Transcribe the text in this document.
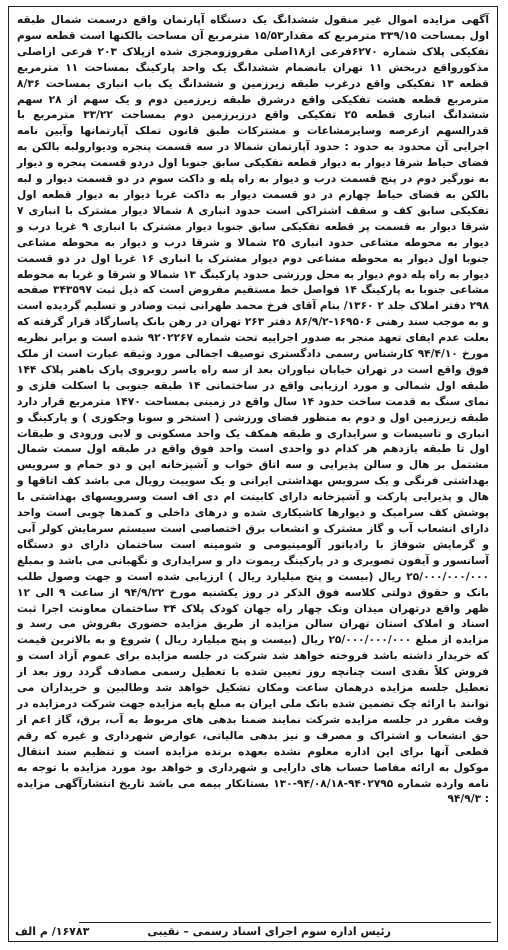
آگهی مزایده اموال غیر منقول ششدانگ یک دستگاه آپارتمان واقع درسمت شمال طبقه اول بمساحت ۳۳۹/۱۵ مترمربع که مقدار۱۵/۵۳ مترمربع آن مساحت بالکنها است قطعه سوم تفکیکی پلاک شماره ۶۲۷۰فرعی از۱۸اصلی مفروزومجزی شده ازپلاک ۲۰۳ فرعی ازاصلی مذکورواقع دربخش ۱۱ تهران بانضمام ششدانگ یک واحد پارکینگ بمساحت ۱۱ مترمربع قطعه ۱۳ تفکیکی واقع درغرب طبقه زیرزمین و ششدانگ یک باب انباری بمساحت ۸/۳۶ مترمربع قطعه هشت تفکیکی واقع درشرق طبقه زیرزمین دوم و یک سهم از ۲۸ سهم ششدانگ انباری قطعه ۲۵ تفکیکی واقع درزیرزمین دوم بمساحت ۳۳/۲۲ مترمربع با قدرالسهم ازعرصه وسایرمشاعات و مشترکات طبق قانون تملک آپارتمانها وآیین نامه اجرایی آن محدود به حدود : حدود آپارتمان شمالا در سه قسمت پنجره ودیوارولبه بالکن به فضای حیاط شرقا دیوار به دیوار قطعه تفکیکی سابق جنوبا اول دردو قسمت پنجره و دیوار به نورگیر دوم در پنج قسمت درب و دیوار به راه پله و داکت سوم در دو قسمت دیوار و لبه بالکن به فضای حیاط چهارم در دو قسمت دیوار به داکت غربا دیوار به دیوار قطعه اول تفکیکی سابق کف و سقف اشتراکی است حدود انباری ۸ شمالا دیوار مشترک با انباری ۷ شرقا دیوار به قسمت پر قطعه تفکیکی سابق جنوبا دیوار مشترک با انباری ۹ غربا درب و دیوار به محوطه مشاعی حدود انباری ۲۵ شمالا و شرقا درب و دیوار به محوطه مشاعی جنوبا اول دیوار به محوطه مشاعی دوم دیوار مشترک با انباری ۱۶ غربا اول در دو قسمت دیوار به راه پله دوم دیوار به محل ورزشی حدود پارکینگ ۱۳ شمالا و شرقا و غربا به محوطه مشاعی جنوبا به پارکینگ ۱۴ فواصل خط مستقیم مفروض است که ذیل ثبت ۳۴۳۵۹۷ صفحه ۲۹۸ دفتر املاک جلد ۲ ۱۳۶۰/ بنام آقای فرخ محمد طهرانی ثبت وصادر و تسلیم گردیده است و به موجب سند رهنی ۱۶۹۵۰۶-۸۶/۹/۲ دفتر ۲۶۳ تهران در رهن بانک پاسارگاد قرار گرفته که بعلت عدم ایفای تعهد منجر به صدور اجراییه تحت شماره ۹۲۰۲۲۶۷ شده است و برابر نظریه مورخ ۹۴/۴/۱۰ کارشناس رسمی دادگستری توصیف اجمالی مورد وثیقه عبارت است از ملک فوق واقع است در تهران خیابان نیاوران بعد از سه راه یاسر روبروی پارک باهنر پلاک ۱۴۴ طبقه اول شمالی و مورد ارزیابی واقع در ساختمانی ۱۴ طبقه جنوبی با اسکلت فلزی و نمای سنگ به قدمت ساخت حدود ۱۴ سال واقع در زمینی بمساحت ۱۴۷۰ مترمربع قرار دارد طبقه زیرزمین اول و دوم به منظور فضای ورزشی ( استخر و سونا وجکوزی ) و پارکینگ و انباری و تاسیسات و سرایداری و طبقه همکف یک واحد مسکونی و لابی ورودی و طبقات اول تا طبقه یازدهم هر کدام دو واحدی است واحد فوق واقع در طبقه اول سمت شمال مشتمل بر هال و سالن پذیرایی و سه اتاق خواب و آشپزخانه اپن و دو حمام و سرویس بهداشتی فرنگی و یک سرویس بهداشتی ایرانی و یک سوییت رویال می باشد کف اتاقها و هال و پذیرایی پارکت و آشپزخانه دارای کابینت ام دی اف است وسرویسهای بهداشتی با پوشش کف سرامیک و دیوارها کاشیکاری شده و درهای داخلی و کمدها چوبی است واحد دارای انشعاب آب و گاز مشترک و انشعاب برق اختصاصی است سیستم سرمایش کولر آبی و گرمایش شوفاژ با رادیاتور آلومینیومی و شومینه است ساختمان دارای دو دستگاه آسانسور و آیفون تصویری و در پارکینگ ریموت دار و سرایداری و نگهبانی می باشد و بمبلغ ۲۵/۰۰۰/۰۰۰/۰۰۰ ریال (بیست و پنج میلیارد ریال ) ارزیابی شده است و جهت وصول طلب بانک و حقوق دولتی کلاسه فوق الذکر در روز یکشنبه مورخ ۹۴/۹/۲۲ از ساعت ۹ الی ۱۲ ظهر واقع درتهران میدان ونک چهار راه جهان کودک پلاک ۳۴ ساختمان معاونت اجرا ثبت اسناد و املاک استان تهران سالن مزایده از طریق مزایده حضوری بفروش می رسد و مزایده از مبلغ ۲۵/۰۰۰/۰۰۰/۰۰۰ ریال (بیست و پنج میلیارد ریال ) شروع و به بالاترین قیمت که خریدار داشته باشد فروخته خواهد شد شرکت در جلسه مزایده برای عموم آزاد است و فروش کلاً نقدی است چنانچه روز تعیین شده با تعطیل رسمی مصادف گردد روز بعد از تعطیل جلسه مزایده درهمان ساعت ومکان تشکیل خواهد شد وطالبین و خریداران می توانند با ارائه چک تضمین شده بانک ملی ایران به مبلغ پایه مزایده جهت شرکت درمزایده در وقت مقرر در جلسه مزایده شرکت نمایند ضمنا بدهی های مربوط به آب، برق، گاز اعم از حق انشعاب و اشتراک و مصرف و نیز بدهی مالیاتی، عوارض شهرداری و غیره که رقم قطعی آنها برای این اداره معلوم نشده بعهده برنده مزایده است و تنظیم سند انتقال موکول به ارائه مفاصا حساب های دارایی و شهرداری و خواهد بود مورد مزایده با توجه به نامه وارده شماره ۹۴۰۲۷۹۵-۹۴/۰۸/۱۸-۱۳۰ بستانکار بیمه می باشد تاریخ انتشارآگهی مزایده : ۹۴/۹/۳

رئیس اداره سوم اجرای اسناد رسمی – نقیبی
۱۶۷۸۳/ م الف
